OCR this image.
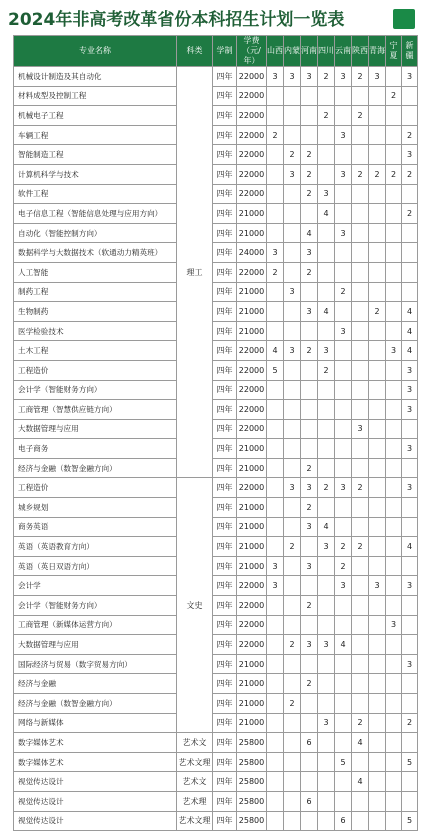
2024年非高考改革省份本科招生计划一览表
专业名称	科类	学制	学费（元/年）	山西	内蒙	河南	四川	云南	陕西	青海	宁夏	新疆
机械设计制造及其自动化	理工	四年	22000	3	3	3	2	3	2	3		3
材料成型及控制工程		四年	22000								2	
机械电子工程		四年	22000				2		2			
车辆工程		四年	22000	2				3				2
智能制造工程		四年	22000		2	2						3
计算机科学与技术		四年	22000		3	2		3	2	2	2	2
软件工程		四年	22000			2	3					
电子信息工程（智能信息处理与应用方向）		四年	21000				4					2
自动化（智能控制方向）		四年	21000			4		3				
数据科学与大数据技术（软通动力精英班）		四年	24000	3		3						
人工智能		四年	22000	2		2						
制药工程		四年	21000		3			2				
生物制药		四年	21000			3	4			2		4
医学检验技术		四年	21000					3				4
土木工程		四年	22000	4	3	2	3				3	4
工程造价		四年	22000	5			2					3
会计学（智能财务方向）		四年	22000									3
工商管理（智慧供应链方向）		四年	22000									3
大数据管理与应用		四年	22000						3			
电子商务		四年	21000									3
经济与金融（数智金融方向）		四年	21000			2						
工程造价	文史	四年	22000		3	3	2	3	2			3
城乡规划		四年	21000			2						
商务英语		四年	21000			3	4					
英语（英语教育方向）		四年	21000		2		3	2	2			4
英语（英日双语方向）		四年	21000	3		3		2				
会计学		四年	22000	3				3		3		3
会计学（智能财务方向）		四年	22000			2						
工商管理（新媒体运营方向）		四年	22000								3	
大数据管理与应用		四年	22000		2	3	3	4				
国际经济与贸易（数字贸易方向）		四年	21000									3
经济与金融		四年	21000			2						
经济与金融（数智金融方向）		四年	21000		2							
网络与新媒体		四年	21000				3		2			2
数字媒体艺术	艺术文	四年	25800			6			4			
数字媒体艺术	艺术文理	四年	25800					5				5
视觉传达设计	艺术文	四年	25800						4			
视觉传达设计	艺术理	四年	25800			6						
视觉传达设计	艺术文理	四年	25800					6				5
